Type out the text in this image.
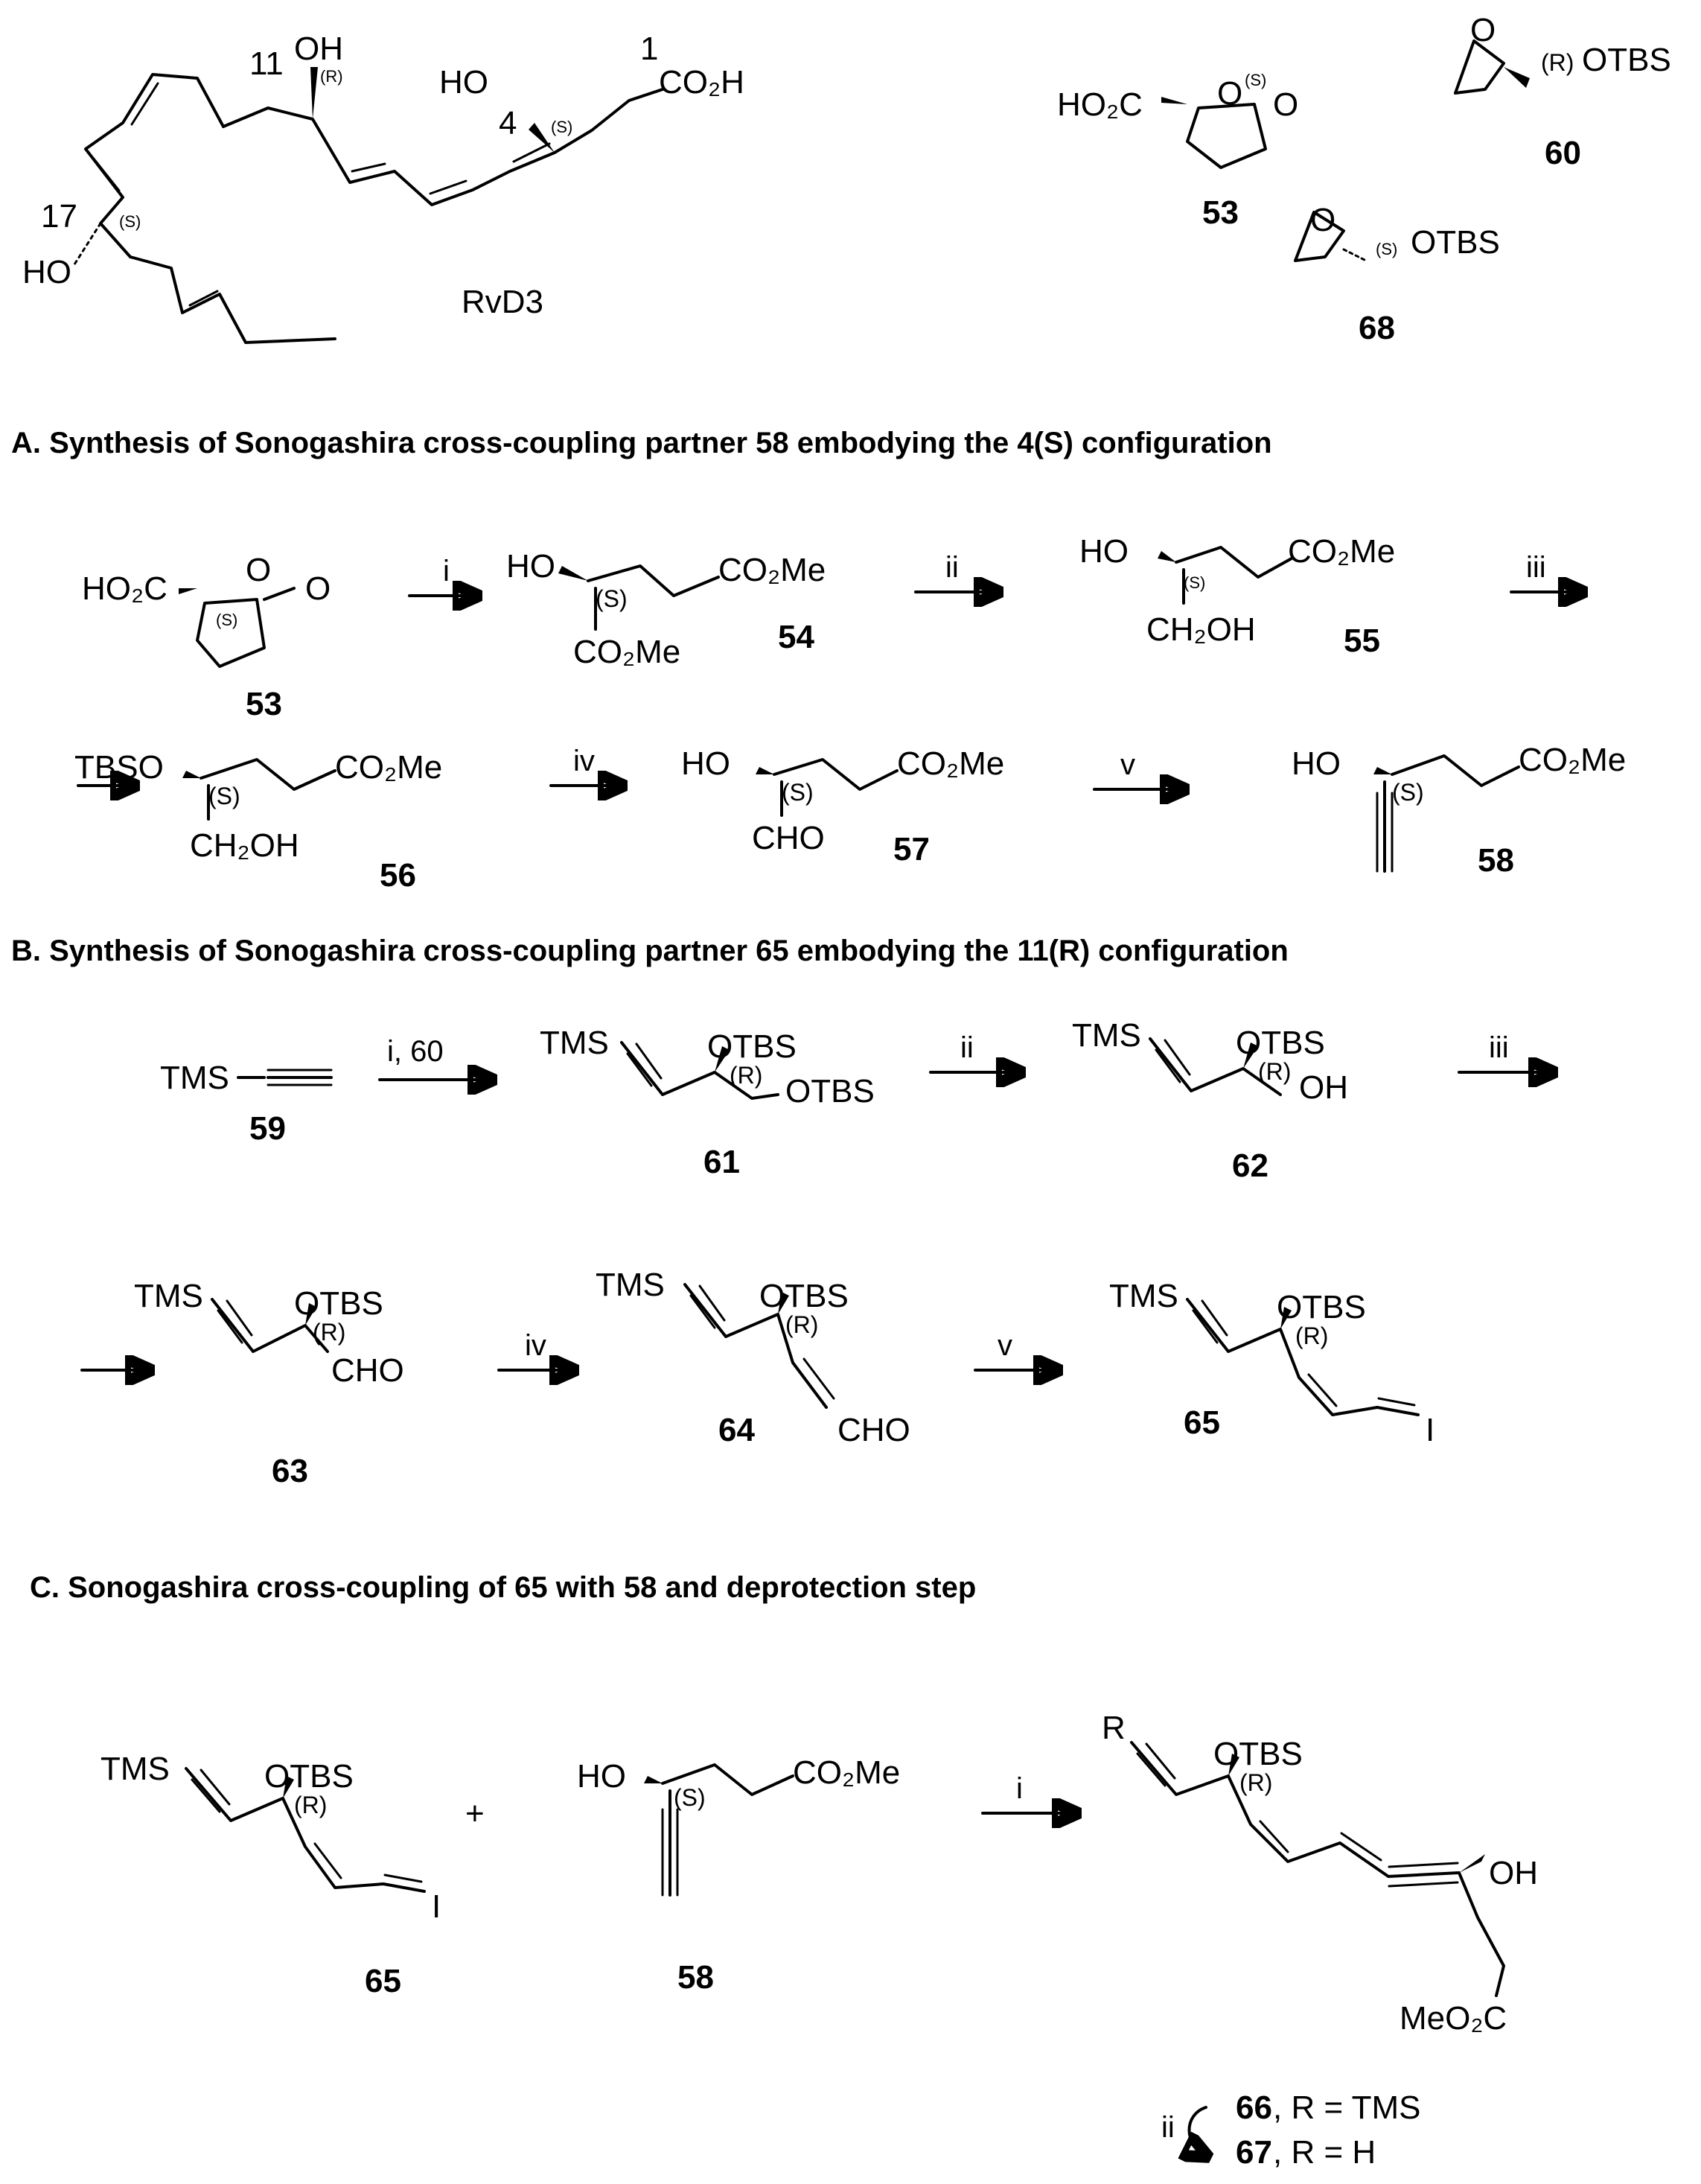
OH
11 (R)	HO
4 (S)
1
CO₂H
17	(S)
HO
RvD3
HO₂C O (S)
O
53
O
(R) OTBS
60
O
(S) OTBS
68
A. Synthesis of Sonogashira cross-coupling partner 58 embodying the 4(S) configuration
HO₂C
(S)
O
O
53
i HO
(S)
CO₂Me
CO₂Me	54
ii	HO
(S)
CO₂Me
CH₂OH	55
iii
TBSO
(S)
CO₂Me
CH₂OH
56
iv	HO
(S)
CO₂Me
CHO 57
v	HO
(S)
CO₂Me
58
B. Synthesis of Sonogashira cross-coupling partner 65 embodying the 11(R) configuration
TMS
59
i, 60	TMS	OTBS
(R) OTBS
61
ii	TMS	OTBS
(R) OH
62
iii
TMS	OTBS
(R)
CHO
63
iv
TMS	OTBS
(R)
CHO
64
v
TMS	OTBS
(R)
I
65
C. Sonogashira cross-coupling of 65 with 58 and deprotection step
TMS	OTBS
(R)
I
65
+
HO
(S)
CO₂Me
58
i
R
OTBS
(R)
OH
MeO₂C
ii
66 , R = TMS
67 , R = H
